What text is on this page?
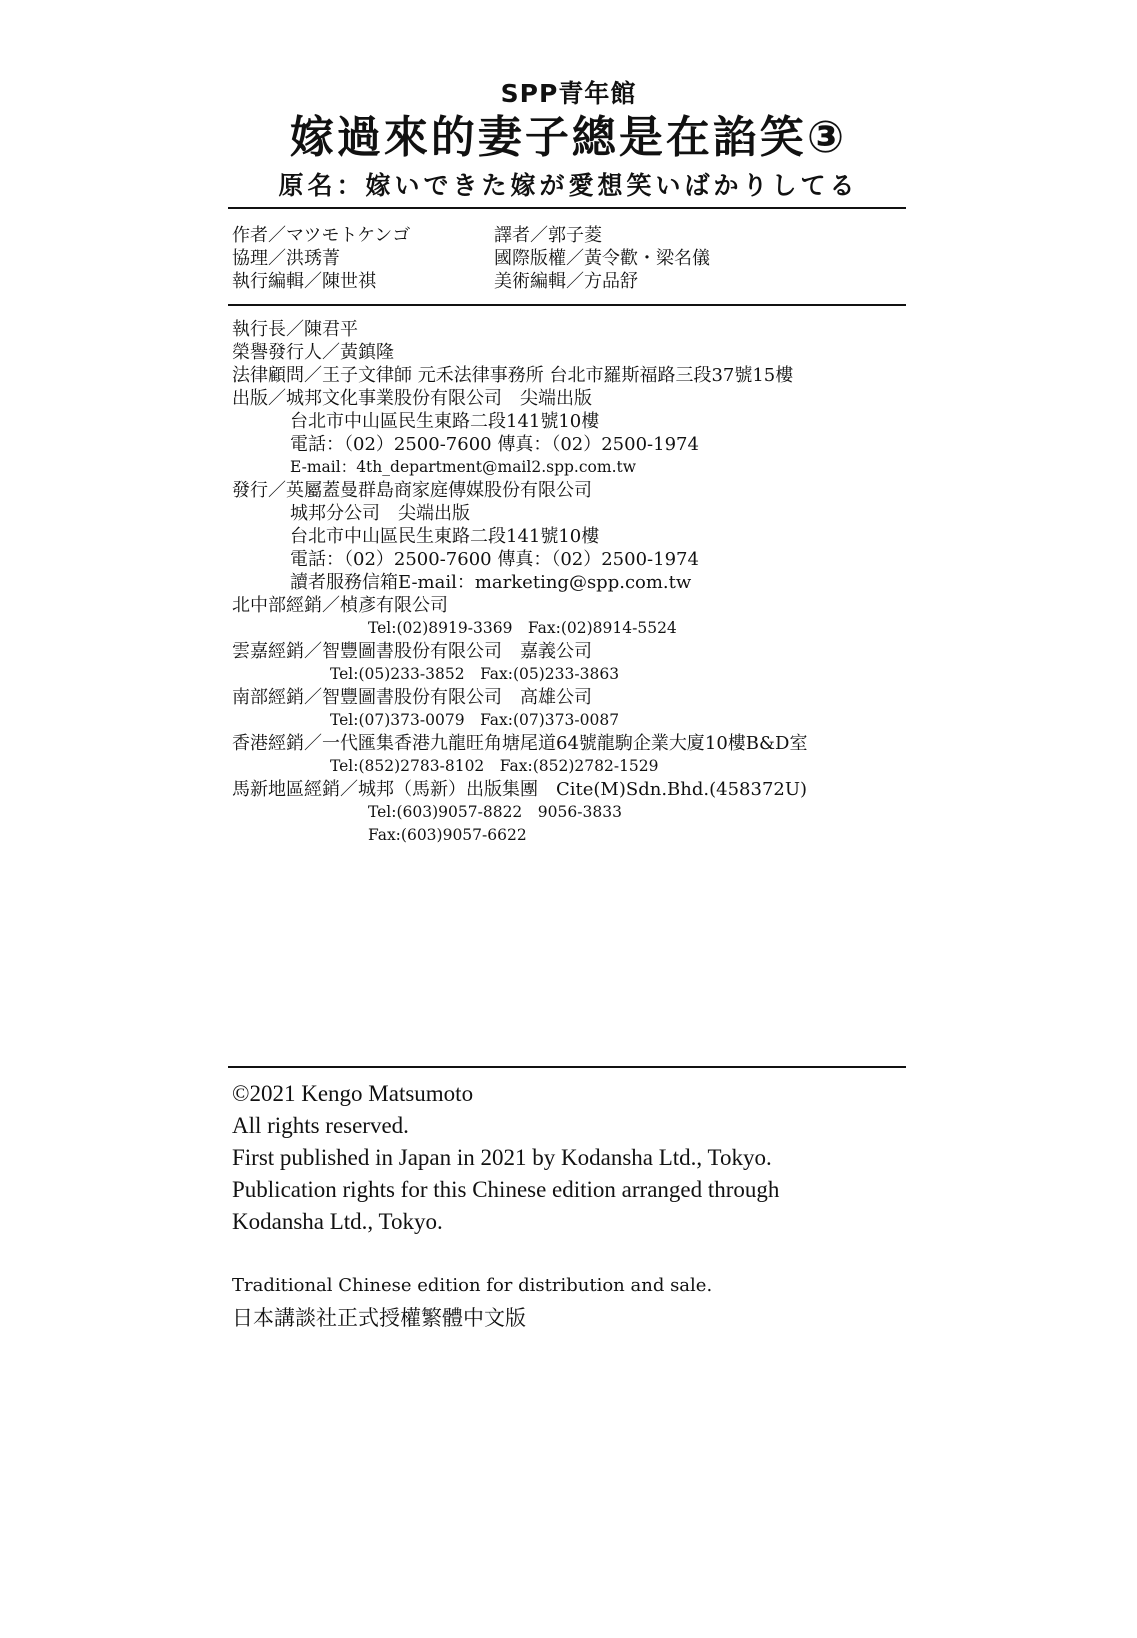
SPP青年館
嫁過來的妻子總是在諂笑③
原名：嫁いできた嫁が愛想笑いばかりしてる
作者／マツモトケンゴ	譯者／郭子菱
協理／洪琇菁	國際版權／黃令歡・梁名儀
執行編輯／陳世祺	美術編輯／方品舒
執行長／陳君平
榮譽發行人／黃鎮隆
法律顧問／王子文律師 元禾法律事務所 台北市羅斯福路三段37號15樓
出版／城邦文化事業股份有限公司　尖端出版
台北市中山區民生東路二段141號10樓
電話：（02）2500-7600 傳真：（02）2500-1974
E-mail：4th_department@mail2.spp.com.tw
發行／英屬蓋曼群島商家庭傳媒股份有限公司
城邦分公司　尖端出版
台北市中山區民生東路二段141號10樓
電話：（02）2500-7600 傳真：（02）2500-1974
讀者服務信箱E-mail：marketing@spp.com.tw
北中部經銷／楨彥有限公司
Tel:(02)8919-3369　Fax:(02)8914-5524
雲嘉經銷／智豐圖書股份有限公司　嘉義公司
Tel:(05)233-3852　Fax:(05)233-3863
南部經銷／智豐圖書股份有限公司　高雄公司
Tel:(07)373-0079　Fax:(07)373-0087
香港經銷／一代匯集香港九龍旺角塘尾道64號龍駒企業大廈10樓B&D室
Tel:(852)2783-8102　Fax:(852)2782-1529
馬新地區經銷／城邦（馬新）出版集團　Cite(M)Sdn.Bhd.(458372U)
Tel:(603)9057-8822　9056-3833
Fax:(603)9057-6622
©2021 Kengo Matsumoto
All rights reserved.
First published in Japan in 2021 by Kodansha Ltd., Tokyo.
Publication rights for this Chinese edition arranged through
Kodansha Ltd., Tokyo.
Traditional Chinese edition for distribution and sale.
日本講談社正式授權繁體中文版
